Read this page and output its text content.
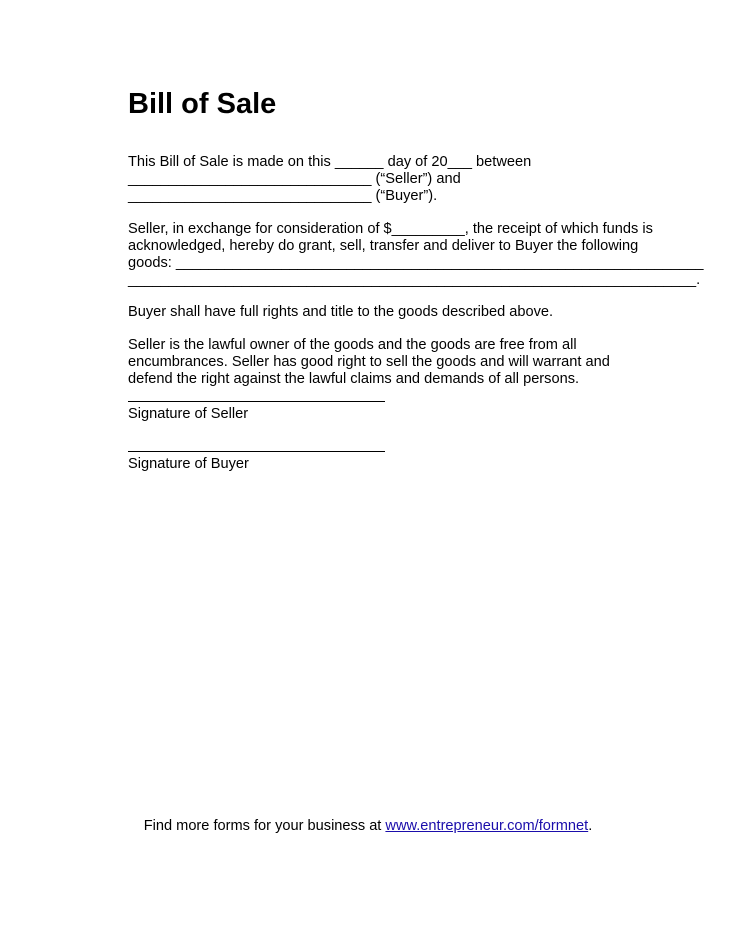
Bill of Sale

This Bill of Sale is made on this ______ day of 20___ between
______________________________ (“Seller”) and
______________________________ (“Buyer”).

Seller, in exchange for consideration of $_________, the receipt of which funds is
acknowledged, hereby do grant, sell, transfer and deliver to Buyer the following
goods: _________________________________________________________________
______________________________________________________________________.

Buyer shall have full rights and title to the goods described above.

Seller is the lawful owner of the goods and the goods are free from all
encumbrances. Seller has good right to sell the goods and will warrant and
defend the right against the lawful claims and demands of all persons.

Signature of Seller
Signature of Buyer
Find more forms for your business at www.entrepreneur.com/formnet.
